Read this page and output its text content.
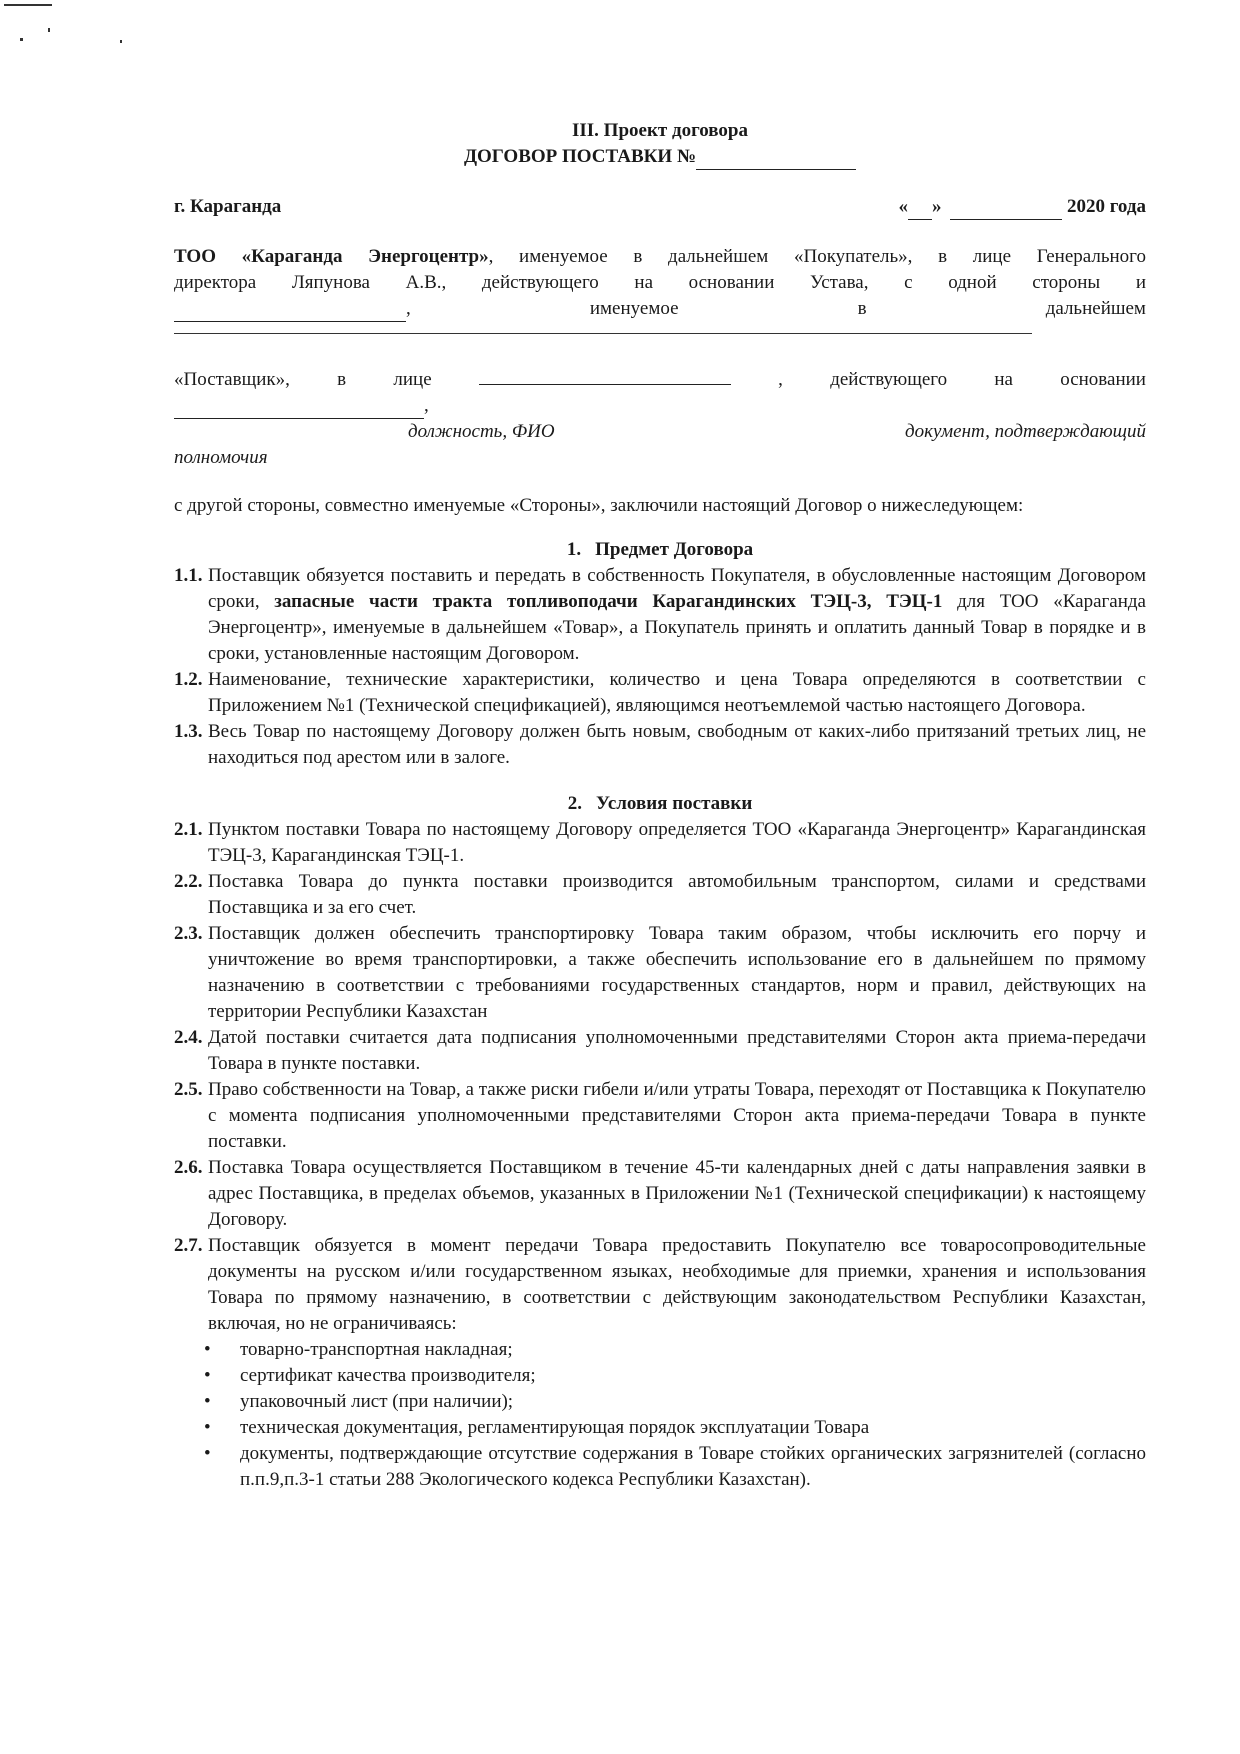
III. Проект договора
ДОГОВОР ПОСТАВКИ №
г. Караганда	« »	2020 года
ТОО «Караганда Энергоцентр», именуемое в дальнейшем «Покупатель», в лице Генерального
директора Ляпунова А.В., действующего на основании Устава, с одной стороны и
,	именуемое	в	дальнейшем
«Поставщик», в лице	, действующего на основании
,
должность, ФИО	документ, подтверждающий
полномочия
с другой стороны, совместно именуемые «Стороны», заключили настоящий Договор о нижеследующем:
1. Предмет Договора
1.1. Поставщик обязуется поставить и передать в собственность Покупателя, в обусловленные настоящим Договором сроки, запасные части тракта топливоподачи Карагандинских ТЭЦ-3, ТЭЦ-1 для ТОО «Караганда Энергоцентр», именуемые в дальнейшем «Товар», а Покупатель принять и оплатить данный Товар в порядке и в сроки, установленные настоящим Договором.
1.2. Наименование, технические характеристики, количество и цена Товара определяются в соответствии с Приложением №1 (Технической спецификацией), являющимся неотъемлемой частью настоящего Договора.
1.3. Весь Товар по настоящему Договору должен быть новым, свободным от каких-либо притязаний третьих лиц, не находиться под арестом или в залоге.
2. Условия поставки
2.1. Пунктом поставки Товара по настоящему Договору определяется ТОО «Караганда Энергоцентр» Карагандинская ТЭЦ-3, Карагандинская ТЭЦ-1.
2.2. Поставка Товара до пункта поставки производится автомобильным транспортом, силами и средствами Поставщика и за его счет.
2.3. Поставщик должен обеспечить транспортировку Товара таким образом, чтобы исключить его порчу и уничтожение во время транспортировки, а также обеспечить использование его в дальнейшем по прямому назначению в соответствии с требованиями государственных стандартов, норм и правил, действующих на территории Республики Казахстан
2.4. Датой поставки считается дата подписания уполномоченными представителями Сторон акта приема-передачи Товара в пункте поставки.
2.5. Право собственности на Товар, а также риски гибели и/или утраты Товара, переходят от Поставщика к Покупателю с момента подписания уполномоченными представителями Сторон акта приема-передачи Товара в пункте поставки.
2.6. Поставка Товара осуществляется Поставщиком в течение 45-ти календарных дней с даты направления заявки в адрес Поставщика, в пределах объемов, указанных в Приложении №1 (Технической спецификации) к настоящему Договору.
2.7. Поставщик обязуется в момент передачи Товара предоставить Покупателю все товаросопроводительные документы на русском и/или государственном языках, необходимые для приемки, хранения и использования Товара по прямому назначению, в соответствии с действующим законодательством Республики Казахстан, включая, но не ограничиваясь:
•	товарно-транспортная накладная;
•	сертификат качества производителя;
•	упаковочный лист (при наличии);
•	техническая документация, регламентирующая порядок эксплуатации Товара
•	документы, подтверждающие отсутствие содержания в Товаре стойких органических загрязнителей (согласно п.п.9,п.3-1 статьи 288 Экологического кодекса Республики Казахстан).
